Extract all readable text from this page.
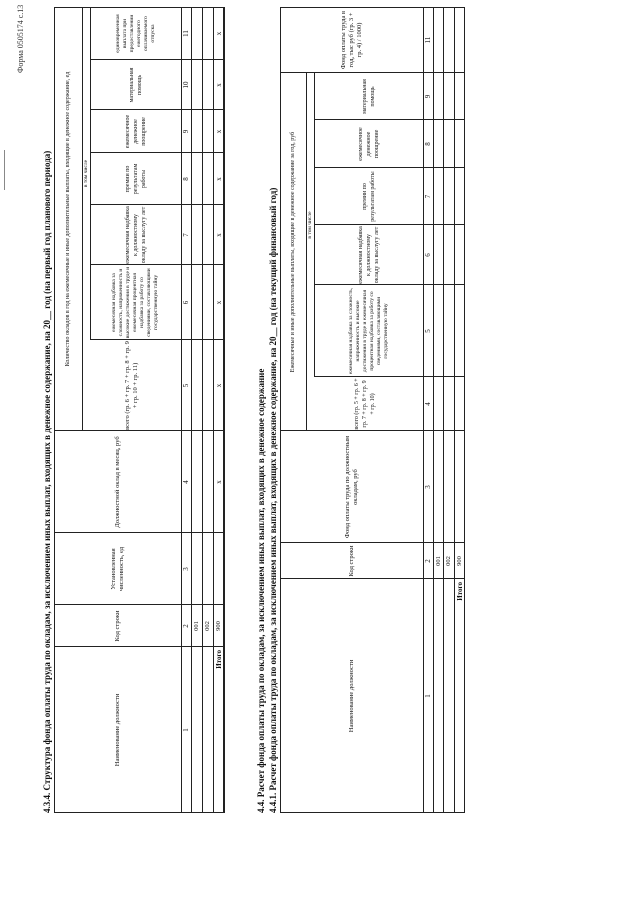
Форма 0505174 с.13
4.3.4. Структура фонда оплаты труда по окладам, за исключением иных выплат, входящих в денежное содержание, на 20__ год (на первый год планового периода)	Наименование должности
Код строки
Установленная численность, ед
Должностной оклад в месяц, руб
Количество окладов в год на ежемесячные и иные дополнительные выплаты, входящие в денежное содержание, ед
всего (гр. 6 + гр. 7 + гр. 8 + гр. 9 + гр. 10 + гр. 11)
в том числе
ежемесячная надбавка за сложность, напряженность и высокие достижения в труде и ежемесячная процентная надбавка за работу со сведениями, составляющими государственную тайну
ежемесячная надбавка к должностному окладу за выслугу лет
премии по результатам работы
ежемесячное денежное поощрение
материальная помощь
единовременная выплата при предоставлении ежегодного оплачиваемого отпуска
1
2
3
4
5
6
7
8
9
10
11
001 002 900
Итого
x
x
x
x
x
x
x
x
4.4. Расчет фонда оплаты труда по окладам, за исключением иных выплат, входящих в денежное содержание 4.4.1. Расчет фонда оплаты труда по окладам, за исключением иных выплат, входящих в денежное содержание, на 20__ год (на текущий финансовый год)	Наименование должности
Код строки
Фонд оплаты труда по должностным окладам, руб
Ежемесячные и иные дополнительные выплаты, входящие в денежное содержание за год, руб
всего (гр. 5 + гр. 6 + гр. 7 + гр. 8 + гр. 9 + гр. 10)
в том числе
ежемесячная надбавка за сложность, напряженность и высокие достижения в труде и ежемесячная процентная надбавка за работу со сведениями, составляющими государственную тайну
ежемесячная надбавка к должностному окладу за выслугу лет
премии по результатам работы
ежемесячное денежное поощрение
материальная помощь
Фонд оплаты труда в год, тыс руб (гр. 3 + гр. 4) / 1000)
1
2
3
4
5
6
7
8
9
11
001 002 900
Итого
